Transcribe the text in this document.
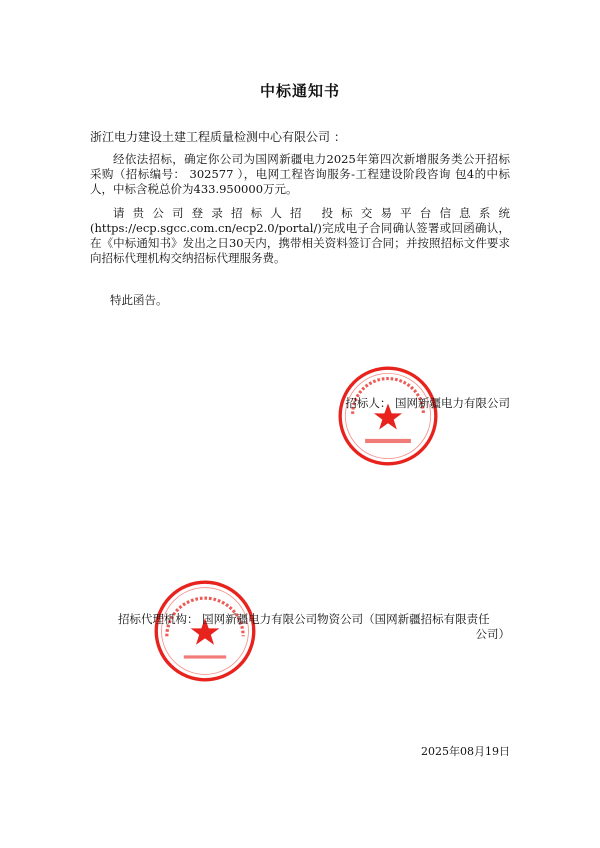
中标通知书
浙江电力建设土建工程质量检测中心有限公司 ：

经依法招标，确定你公司为国网新疆电力2025年第四次新增服务类公开招标采购（招标编号： 302577 ），电网工程咨询服务-工程建设阶段咨询 包4的中标人，中标含税总价为433.950000万元。

请贵公司登录招标人招 投标交易平台信息系统(https://ecp.sgcc.com.cn/ecp2.0/portal/)完成电子合同确认签署或回函确认，在《中标通知书》发出之日30天内，携带相关资料签订合同；并按照招标文件要求向招标代理机构交纳招标代理服务费。

特此函告。
招标人： 国网新疆电力有限公司
招标代理机构： 国网新疆电力有限公司物资公司（国网新疆招标有限责任
公司）
2025年08月19日
